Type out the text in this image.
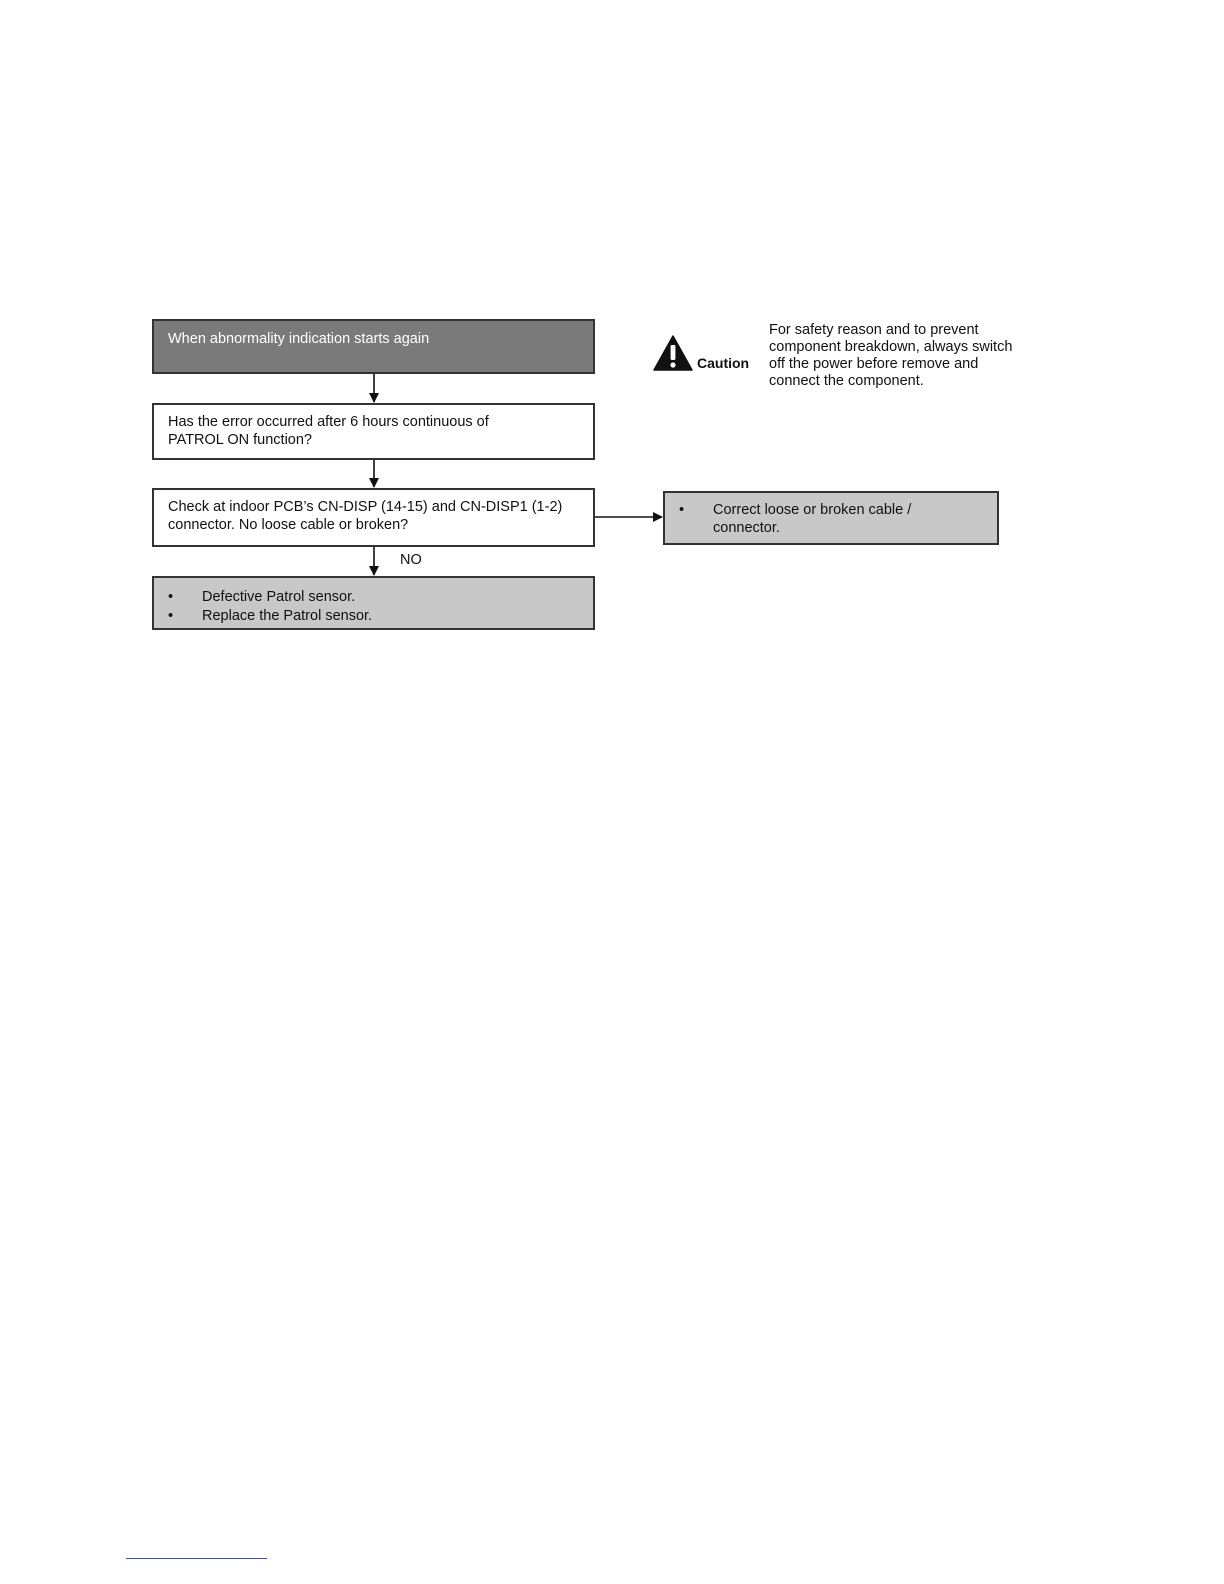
When abnormality indication starts again
Has the error occurred after 6 hours continuous of
PATROL ON function?
Check at indoor PCB’s CN-DISP (14-15) and CN-DISP1 (1-2)
connector. No loose cable or broken?
• Correct loose or broken cable / connector.
NO
• Defective Patrol sensor.
• Replace the Patrol sensor.
Caution
For safety reason and to prevent
component breakdown, always switch
off the power before remove and
connect the component.
